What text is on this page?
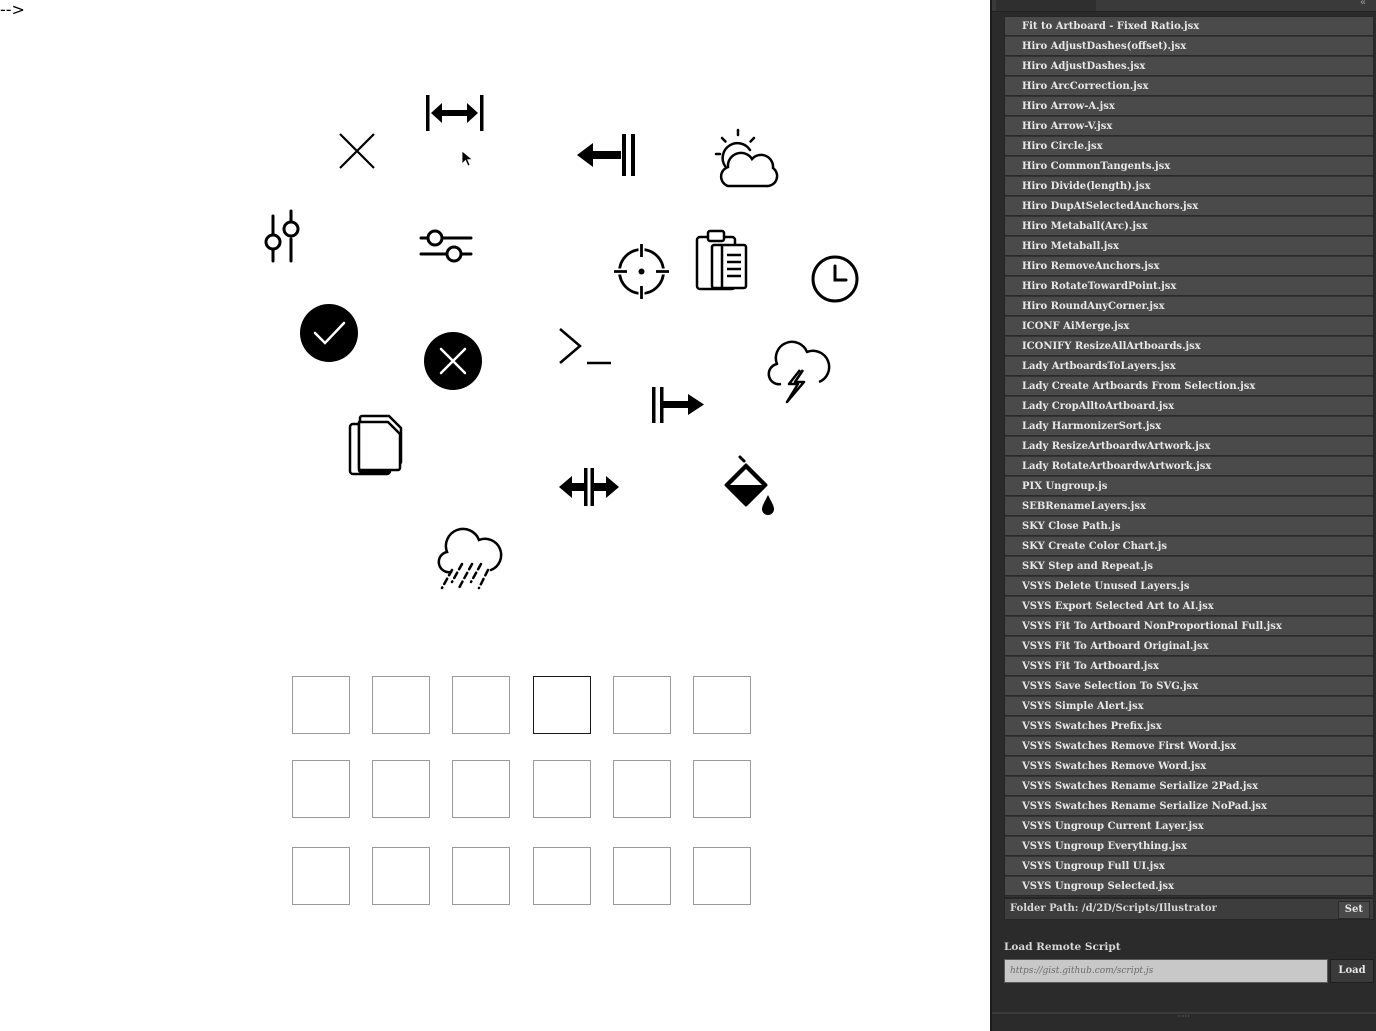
-->	«
Fit to Artboard - Fixed Ratio.jsx
Hiro AdjustDashes(offset).jsx
Hiro AdjustDashes.jsx
Hiro ArcCorrection.jsx
Hiro Arrow-A.jsx
Hiro Arrow-V.jsx
Hiro Circle.jsx
Hiro CommonTangents.jsx
Hiro Divide(length).jsx
Hiro DupAtSelectedAnchors.jsx
Hiro Metaball(Arc).jsx
Hiro Metaball.jsx
Hiro RemoveAnchors.jsx
Hiro RotateTowardPoint.jsx
Hiro RoundAnyCorner.jsx
ICONF AiMerge.jsx
ICONIFY ResizeAllArtboards.jsx
Lady ArtboardsToLayers.jsx
Lady Create Artboards From Selection.jsx
Lady CropAlltoArtboard.jsx
Lady HarmonizerSort.jsx
Lady ResizeArtboardwArtwork.jsx
Lady RotateArtboardwArtwork.jsx
PIX Ungroup.js
SEBRenameLayers.jsx
SKY Close Path.js
SKY Create Color Chart.js
SKY Step and Repeat.js
VSYS Delete Unused Layers.js
VSYS Export Selected Art to AI.jsx
VSYS Fit To Artboard NonProportional Full.jsx
VSYS Fit To Artboard Original.jsx
VSYS Fit To Artboard.jsx
VSYS Save Selection To SVG.jsx
VSYS Simple Alert.jsx
VSYS Swatches Prefix.jsx
VSYS Swatches Remove First Word.jsx
VSYS Swatches Remove Word.jsx
VSYS Swatches Rename Serialize 2Pad.jsx
VSYS Swatches Rename Serialize NoPad.jsx
VSYS Ungroup Current Layer.jsx
VSYS Ungroup Everything.jsx
VSYS Ungroup Full UI.jsx
VSYS Ungroup Selected.jsx
Folder Path: /d/2D/Scripts/Illustrator	Set
Load Remote Script
https://gist.github.com/script.js	Load
·····
